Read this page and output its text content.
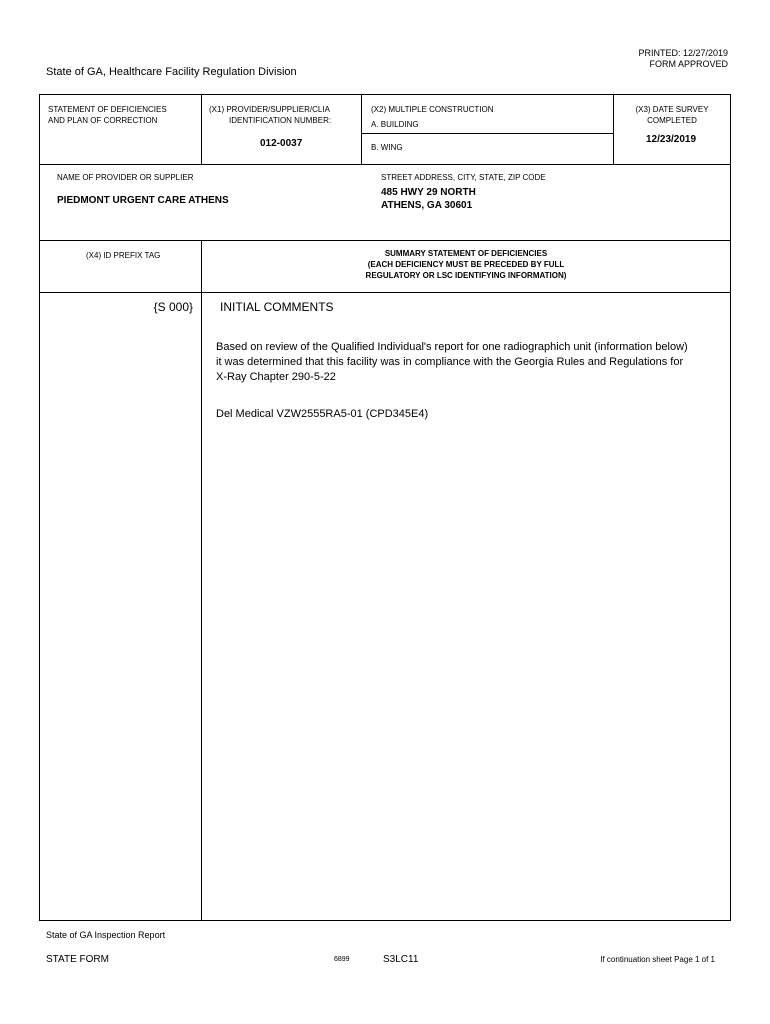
State of GA, Healthcare Facility Regulation Division
PRINTED: 12/27/2019
FORM APPROVED
STATEMENT OF DEFICIENCIES
AND PLAN OF CORRECTION
(X1) PROVIDER/SUPPLIER/CLIA
IDENTIFICATION NUMBER:
012-0037
(X2) MULTIPLE CONSTRUCTION
A. BUILDING
B. WING
(X3) DATE SURVEY
COMPLETED
12/23/2019
NAME OF PROVIDER OR SUPPLIER
PIEDMONT URGENT CARE ATHENS
STREET ADDRESS, CITY, STATE, ZIP CODE
485 HWY 29 NORTH
ATHENS, GA 30601
(X4) ID PREFIX TAG	SUMMARY STATEMENT OF DEFICIENCIES
(EACH DEFICIENCY MUST BE PRECEDED BY FULL
REGULATORY OR LSC IDENTIFYING INFORMATION)
{S 000} INITIAL COMMENTS
Based on review of the Qualified Individual's report for one radiographich unit (information below)
it was determined that this facility was in compliance with the Georgia Rules and Regulations for
X-Ray Chapter 290-5-22
Del Medical VZW2555RA5-01 (CPD345E4)
State of GA Inspection Report
STATE FORM	6899	S3LC11	If continuation sheet Page 1 of 1
